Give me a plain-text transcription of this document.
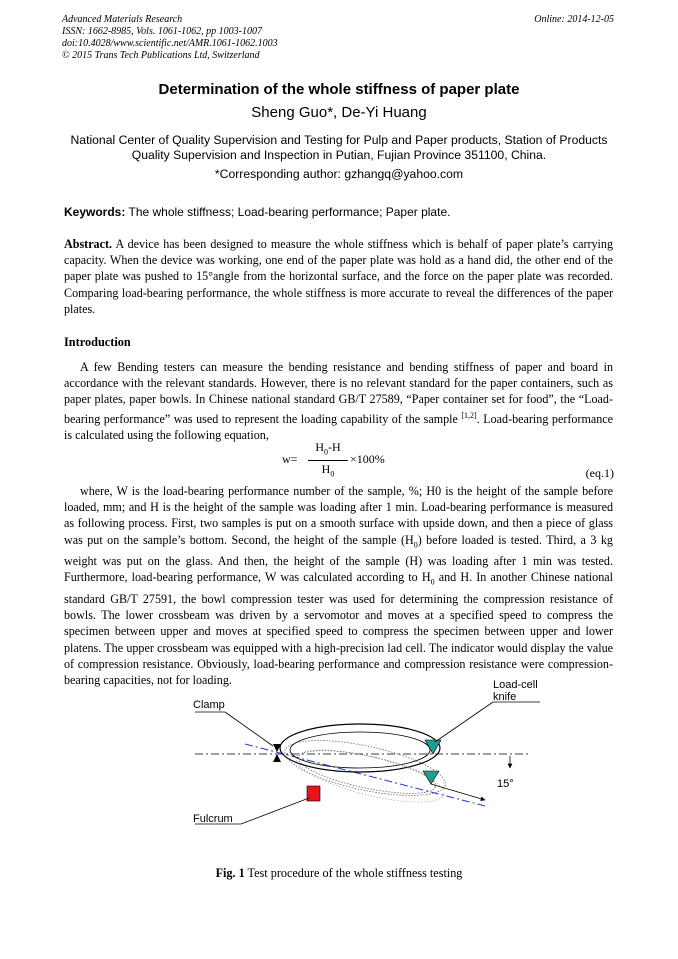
Advanced Materials Research
ISSN: 1662-8985, Vols. 1061-1062, pp 1003-1007
doi:10.4028/www.scientific.net/AMR.1061-1062.1003
© 2015 Trans Tech Publications Ltd, Switzerland
Online: 2014-12-05
Determination of the whole stiffness of paper plate
Sheng Guo*, De-Yi Huang
National Center of Quality Supervision and Testing for Pulp and Paper products, Station of Products Quality Supervision and Inspection in Putian, Fujian Province 351100, China.
*Corresponding author: gzhangq@yahoo.com
Keywords: The whole stiffness; Load-bearing performance; Paper plate.
Abstract. A device has been designed to measure the whole stiffness which is behalf of paper plate’s carrying capacity. When the device was working, one end of the paper plate was hold as a hand did, the other end of the paper plate was pushed to 15°angle from the horizontal surface, and the force on the paper plate was recorded. Comparing load-bearing performance, the whole stiffness is more accurate to reveal the differences of the paper plates.
Introduction
A few Bending testers can measure the bending resistance and bending stiffness of paper and board in accordance with the relevant standards. However, there is no relevant standard for the paper containers, such as paper plates, paper bowls. In Chinese national standard GB/T 27589, “Paper container set for food”, the “Load-bearing performance” was used to represent the loading capability of the sample [1,2]. Load-bearing performance is calculated using the following equation,
w=
$H_0-H$
$H_0$
×100%
(eq.1)
where, W is the load-bearing performance number of the sample, %; H0 is the height of the sample before loaded, mm; and H is the height of the sample was loading after 1 min. Load-bearing performance is measured as following process. First, two samples is put on a smooth surface with upside down, and then a piece of glass was put on the sample’s bottom. Second, the height of the sample $(H_0)$ before loaded is tested. Third, a 3 kg weight was put on the glass. And then, the height of the sample (H) was loading after 1 min was tested. Furthermore, load-bearing performance, W was calculated according to $H_0$ and H. In another Chinese national standard GB/T 27591, the bowl compression tester was used for determining the compression resistance of bowls. The lower crossbeam was driven by a servomotor and moves at a specified speed to compress the specimen between upper and moves at specified speed to compress the specimen between upper and lower platens. The upper crossbeam was equipped with a high-precision lad cell. The indicator would display the value of compression resistance. Obviously, load-bearing performance and compression resistance were compression-bearing capacities, not for loading.
Clamp
Load-cell
knife
15°
Fulcrum
Fig. 1 Test procedure of the whole stiffness testing
